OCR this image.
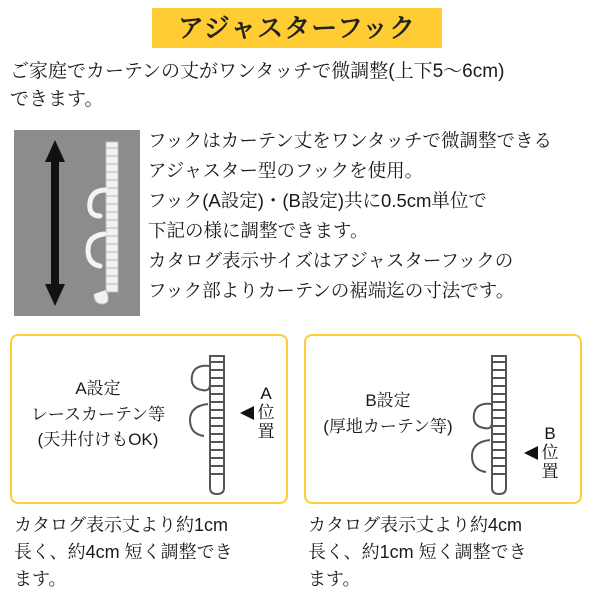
アジャスターフック
ご家庭でカーテンの丈がワンタッチで微調整(上下5〜6cm)
できます。
フックはカーテン丈をワンタッチで微調整できる
アジャスター型のフックを使用。
フック(A設定)・(B設定)共に0.5cm単位で
下記の様に調整できます。
カタログ表示サイズはアジャスターフックの
フック部よりカーテンの裾端迄の寸法です。
A設定
レースカーテン等
(天井付けもOK)
A
位
置
B設定
(厚地カーテン等)	B
位
置
カタログ表示丈より約1cm
長く、約4cm 短く調整でき
ます。
カタログ表示丈より約4cm
長く、約1cm 短く調整でき
ます。
